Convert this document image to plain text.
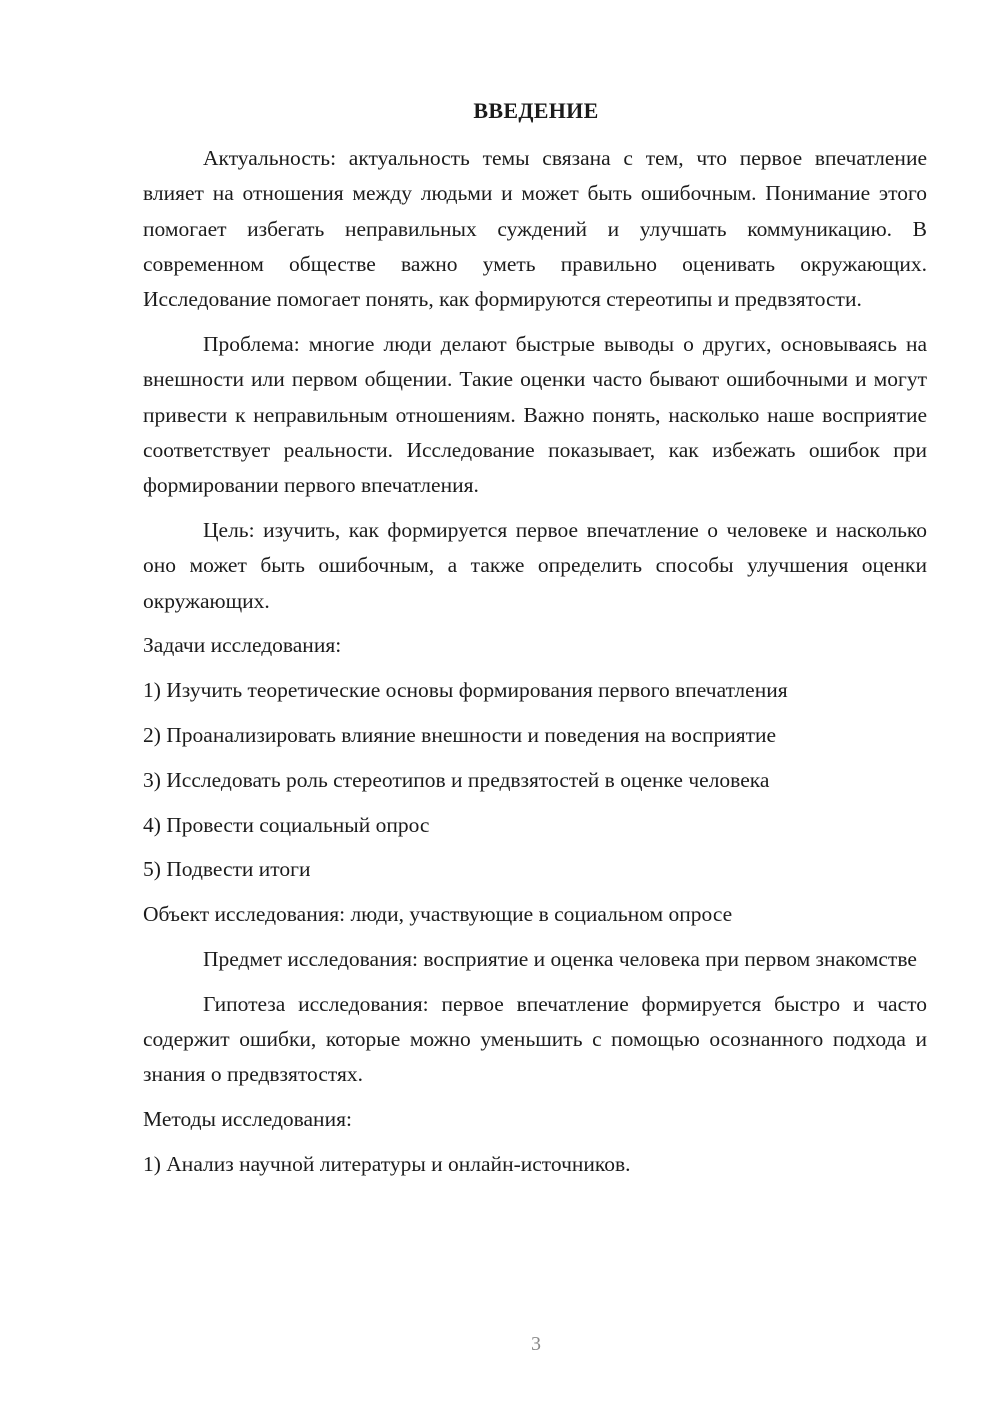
ВВЕДЕНИЕ

Актуальность: актуальность темы связана с тем, что первое впечатление влияет на отношения между людьми и может быть ошибочным. Понимание этого помогает избегать неправильных суждений и улучшать коммуникацию. В современном обществе важно уметь правильно оценивать окружающих. Исследование помогает понять, как формируются стереотипы и предвзятости.

Проблема: многие люди делают быстрые выводы о других, основываясь на внешности или первом общении. Такие оценки часто бывают ошибочными и могут привести к неправильным отношениям. Важно понять, насколько наше восприятие соответствует реальности. Исследование показывает, как избежать ошибок при формировании первого впечатления.

Цель: изучить, как формируется первое впечатление о человеке и насколько оно может быть ошибочным, а также определить способы улучшения оценки окружающих.

Задачи исследования:

1) Изучить теоретические основы формирования первого впечатления

2) Проанализировать влияние внешности и поведения на восприятие

3) Исследовать роль стереотипов и предвзятостей в оценке человека

4) Провести социальный опрос

5) Подвести итоги

Объект исследования: люди, участвующие в социальном опросе

Предмет исследования: восприятие и оценка человека при первом знакомстве

Гипотеза исследования: первое впечатление формируется быстро и часто содержит ошибки, которые можно уменьшить с помощью осознанного подхода и знания о предвзятостях.

Методы исследования:

1) Анализ научной литературы и онлайн-источников.

3
